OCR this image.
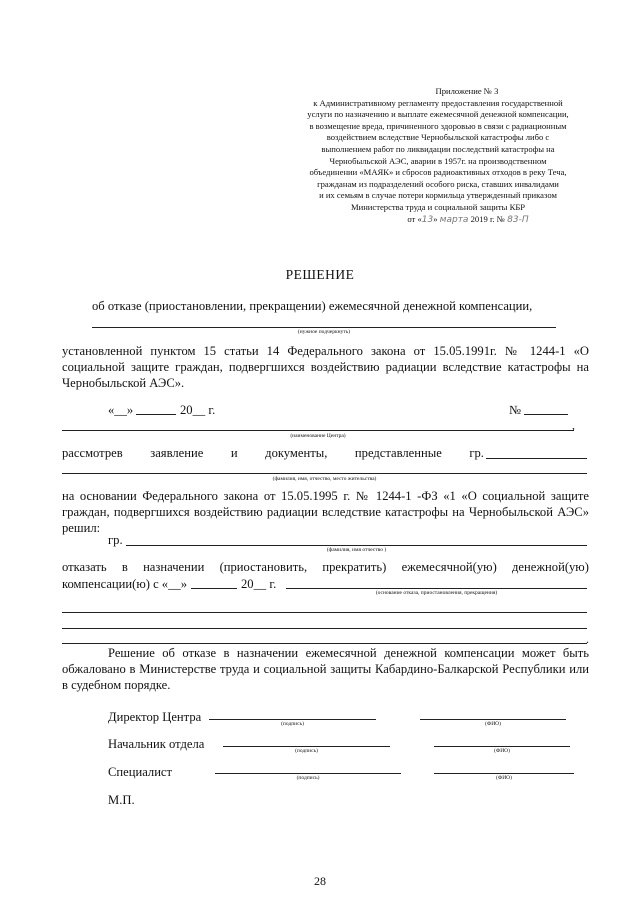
Приложение № 3
к Административному регламенту предоставления государственной
услуги по назначению и выплате ежемесячной денежной компенсации,
в возмещение вреда, причиненного здоровью в связи с радиационным
воздействием вследствие Чернобыльской катастрофы либо с
выполнением работ по ликвидации последствий катастрофы на
Чернобыльской АЭС, аварии в 1957г. на производственном
объединении «МАЯК» и сбросов радиоактивных отходов в реку Теча,
гражданам из подразделений особого риска, ставших инвалидами
и их семьям в случае потери кормильца утвержденный приказом
Министерства труда и социальной защиты КБР
от «13» марта 2019 г. № 83-П
РЕШЕНИЕ
об отказе (приостановлении, прекращении) ежемесячной денежной компенсации,
(нужное подчеркнуть)
установленной пунктом 15 статьи 14 Федерального закона от 15.05.1991г. № 1244-1 «О социальной защите граждан, подвергшихся воздействию радиации вследствие катастрофы на Чернобыльской АЭС».
«__»	20__ г.	№
,
(наименование Центра)
рассмотрев заявление и документы, представленные гр.
(фамилия, имя, отчество, место жительства)
на основании Федерального закона от 15.05.1995 г. № 1244-1 -ФЗ «1 «О социальной защите граждан, подвергшихся воздействию радиации вследствие катастрофы на Чернобыльской АЭС» решил:
гр.
(фамилия, имя отчество )
отказать в назначении (приостановить, прекратить) ежемесячной(ую) денежной(ую)
компенсации(ю) с «__»	20__ г.
(основание отказа, приостановления, прекращения)
.
Решение об отказе в назначении ежемесячной денежной компенсации может быть обжаловано в Министерстве труда и социальной защиты Кабардино-Балкарской Республики или в судебном порядке.
Директор Центра	(подпись)	(ФИО)
Начальник отдела	(подпись)	(ФИО)
Специалист	(подпись)	(ФИО)
М.П.
28
